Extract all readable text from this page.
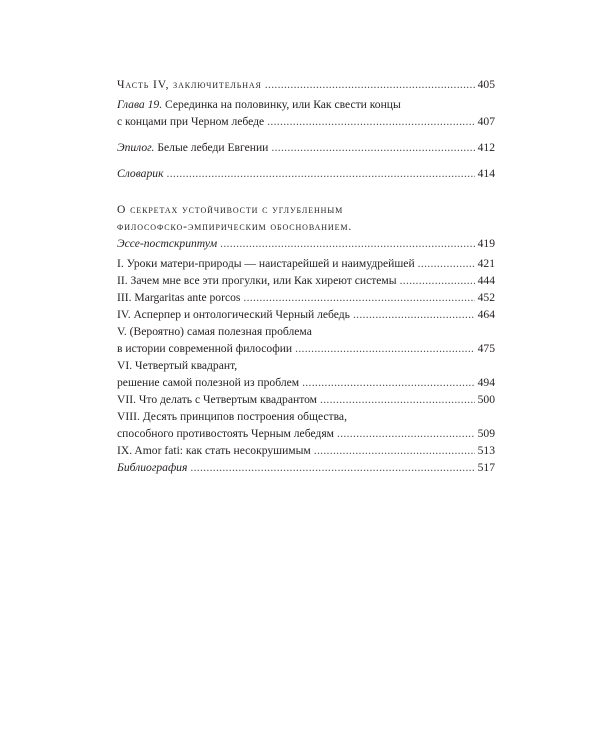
Часть IV, заключительная .....	405
Глава 19.
Серединка на половинку, или Как свести концы
с концами при Черном лебеде .....	407
Эпилог.
Белые лебеди Евгении .....	412
Словарик .....	414
О секретах устойчивости с углубленным
философско-эмпирическим обоснованием.
Эссе-постскриптум .....	419
I. Уроки матери-природы — наистарейшей и наимудрейшей .....	421
II. Зачем мне все эти прогулки, или Как хиреют системы .....	444
III. Margaritas ante porcos .....	452
IV. Асперпер и онтологический Черный лебедь .....	464
V. (Вероятно) самая полезная проблема
в истории современной философии .....	475
VI. Четвертый квадрант,
решение самой полезной из проблем .....	494
VII. Что делать с Четвертым квадрантом .....	500
VIII. Десять принципов построения общества,
способного противостоять Черным лебедям .....	509
IX. Amor fati: как стать несокрушимым .....	513
Библиография .....	517
